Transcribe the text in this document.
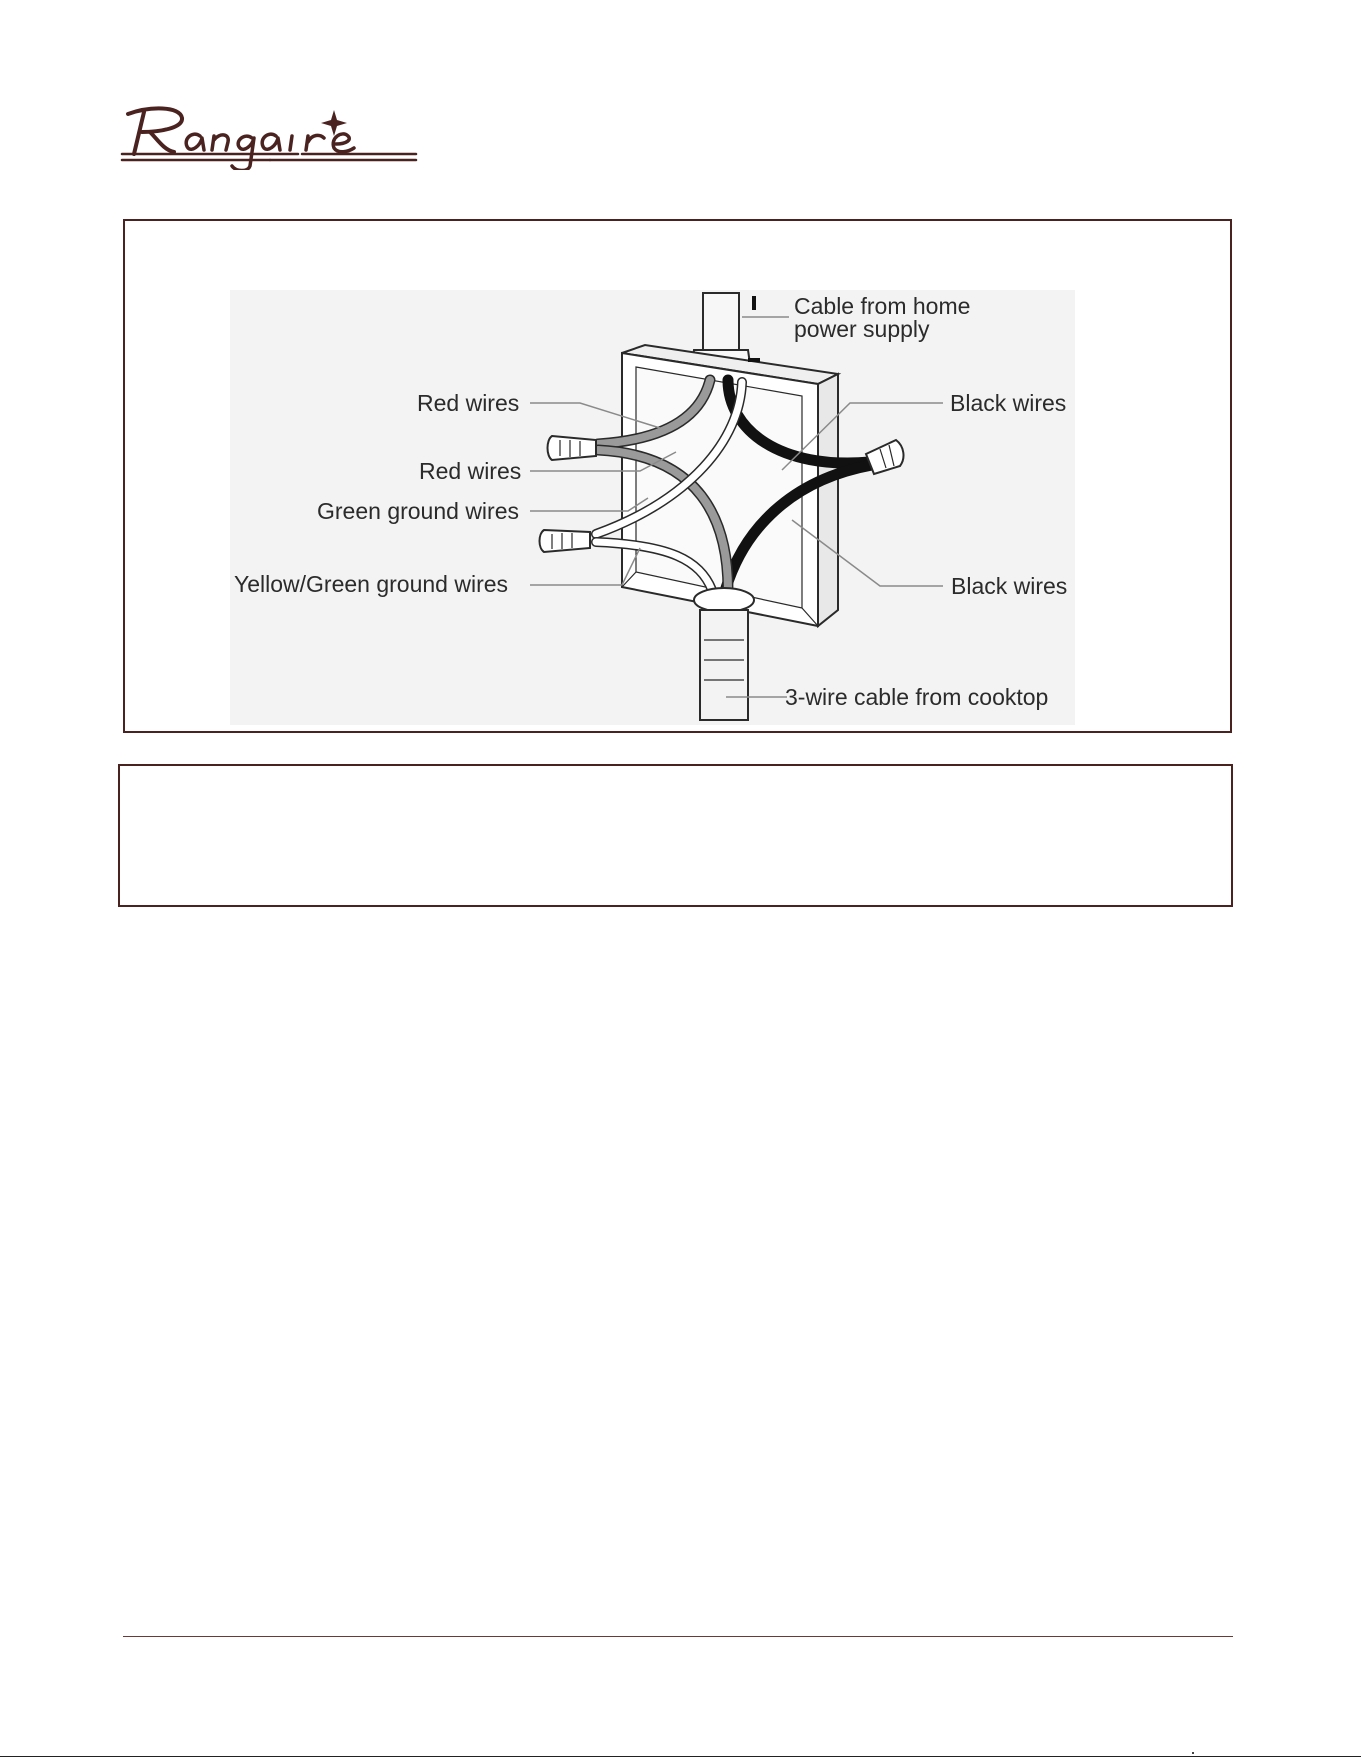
Cable from home
power supply
Red wires
Red wires
Green ground wires
Yellow/Green ground wires
Black wires
Black wires
3-wire cable from cooktop
